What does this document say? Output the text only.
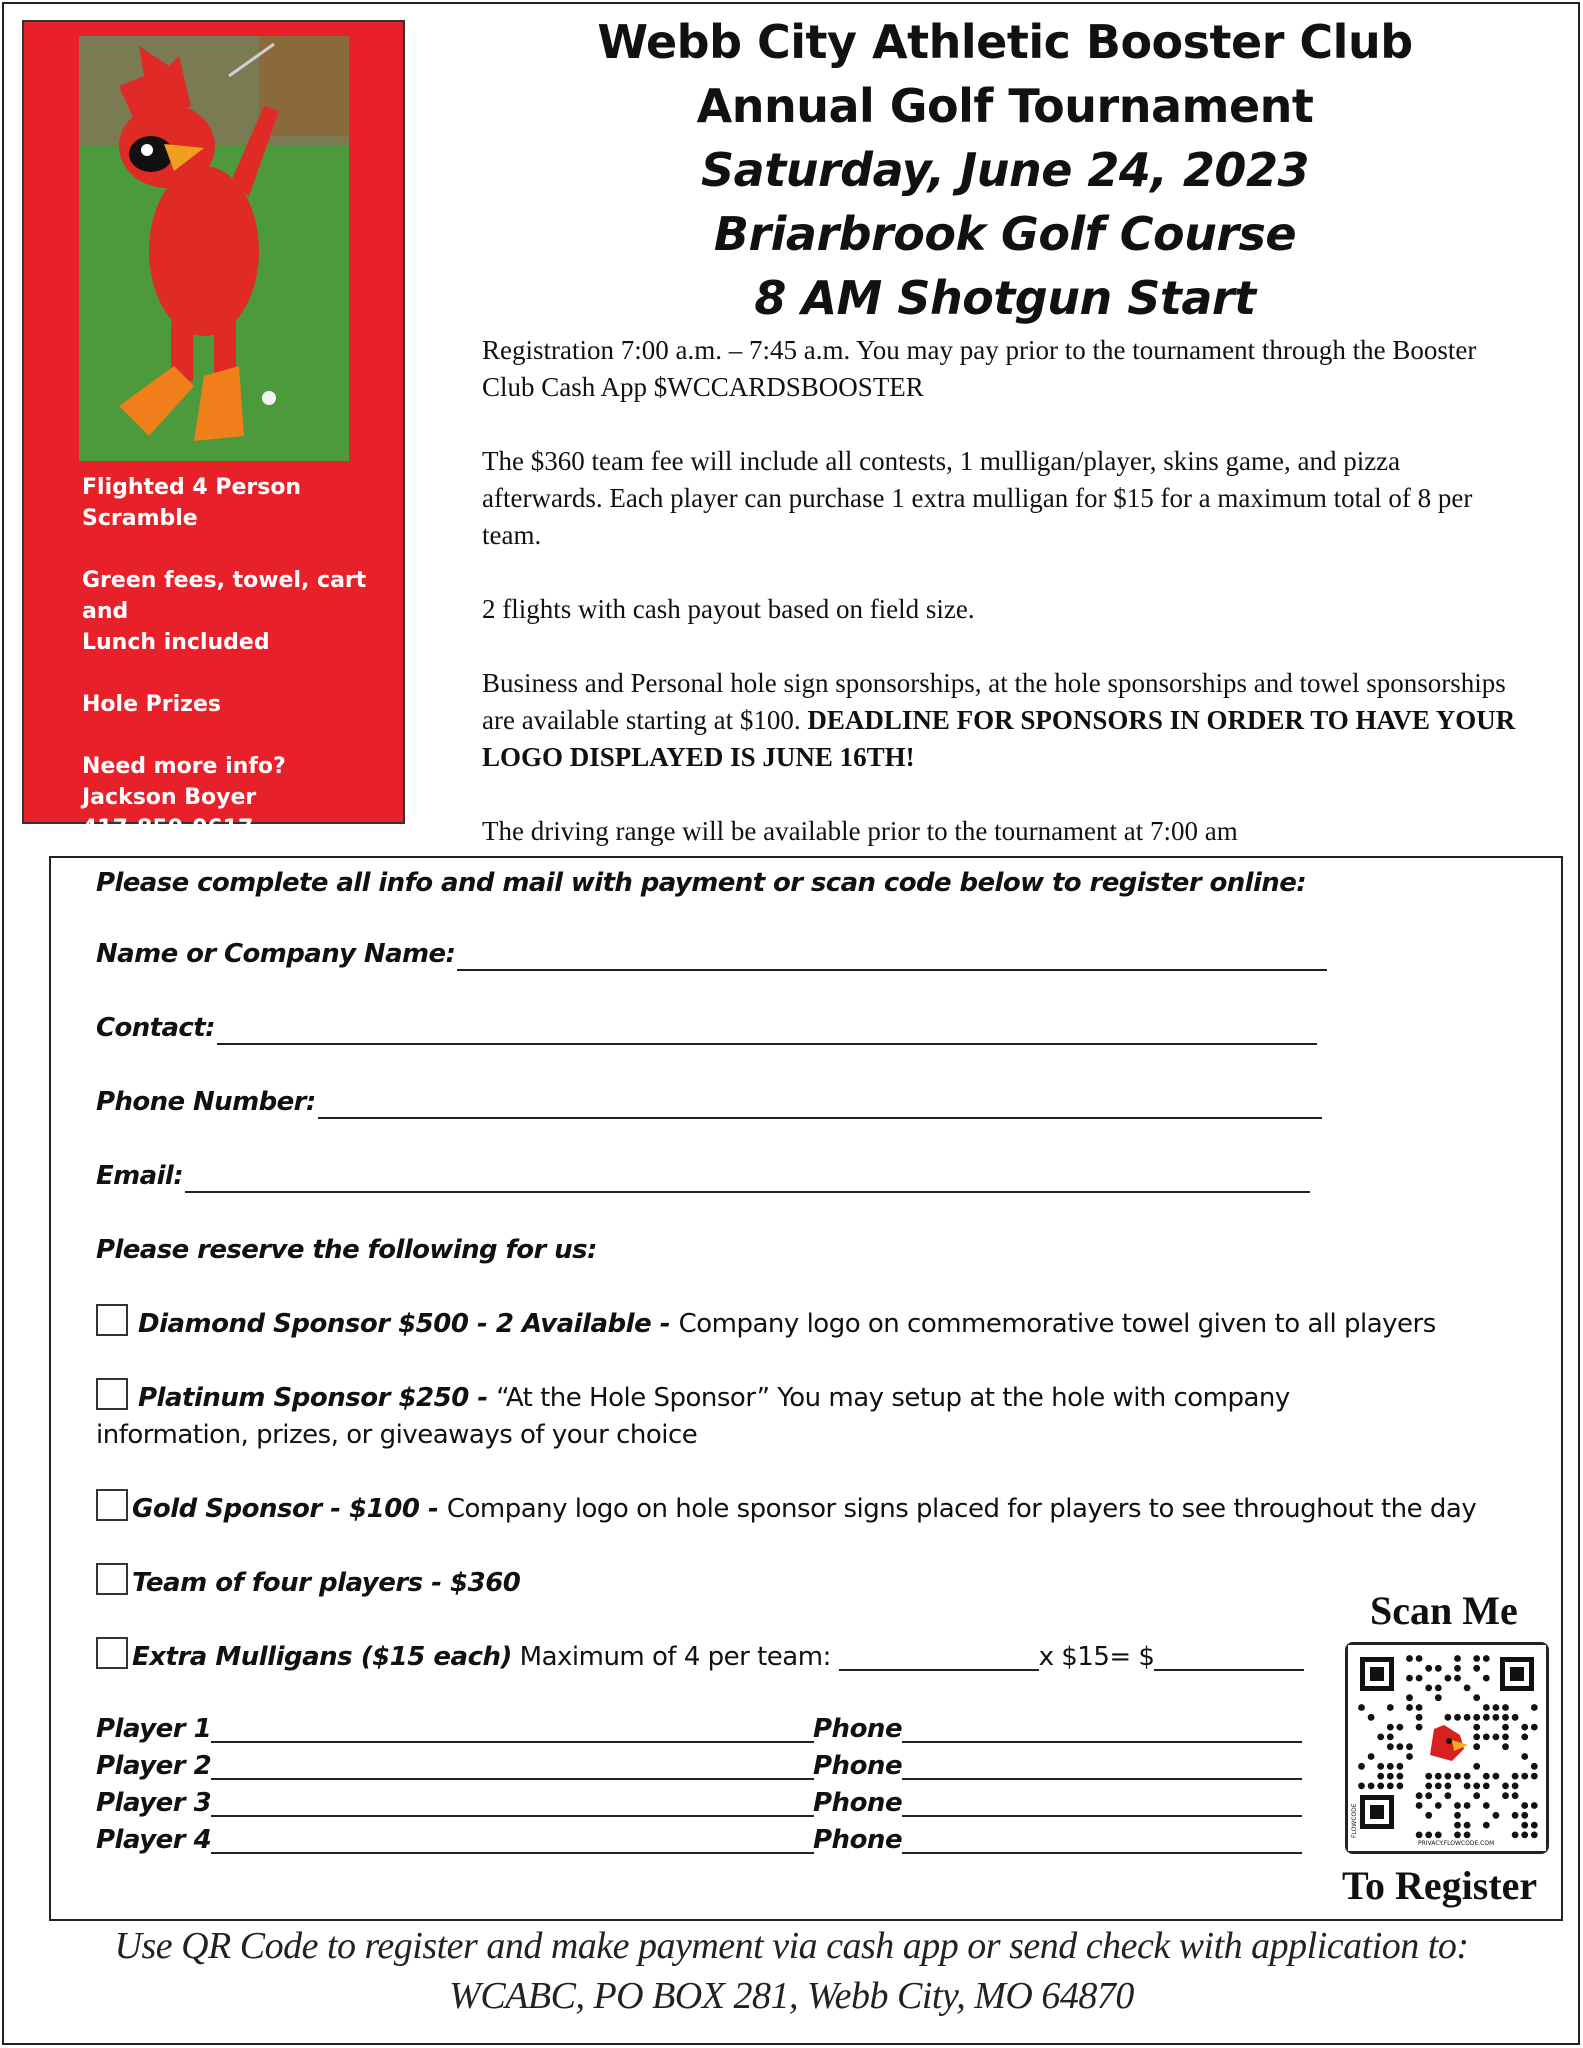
Flighted 4 Person Scramble

Green fees, towel, cart and

Lunch included

Hole Prizes

Need more info?

Jackson Boyer

417-850-0617

jboyer@wcr7.org

Webb City Athletic Booster Club
Annual Golf Tournament
Saturday, June 24, 2023
Briarbrook Golf Course
8 AM Shotgun Start

Registration 7:00 a.m. – 7:45 a.m. You may pay prior to the tournament through the Booster Club Cash App $WCCARDSBOOSTER

The $360 team fee will include all contests, 1 mulligan/player, skins game, and pizza afterwards. Each player can purchase 1 extra mulligan for $15 for a maximum total of 8 per team.

2 flights with cash payout based on field size.

Business and Personal hole sign sponsorships, at the hole sponsorships and towel sponsorships are available starting at $100. DEADLINE FOR SPONSORS IN ORDER TO HAVE YOUR LOGO DISPLAYED IS JUNE 16TH!

The driving range will be available prior to the tournament at 7:00 am

Please complete all info and mail with payment or scan code below to register online:
Name or Company Name:
Contact:
Phone Number:
Email:
Please reserve the following for us:
Diamond Sponsor $500 - 2 Available - Company logo on commemorative towel given to all players
Platinum Sponsor $250 - “At the Hole Sponsor” You may setup at the hole with company
information, prizes, or giveaways of your choice
Gold Sponsor - $100 - Company logo on hole sponsor signs placed for players to see throughout the day
Team of four players - $360
Extra Mulligans ($15 each) Maximum of 4 per team:	x $15= $
Player 1
Player 2
Player 3
Player 4
Phone
Phone
Phone
Phone
Scan Me
FLOWCODE
PRIVACY.FLOWCODE.COM
To Register
Use QR Code to register and make payment via cash app or send check with application to:
WCABC, PO BOX 281, Webb City, MO 64870
